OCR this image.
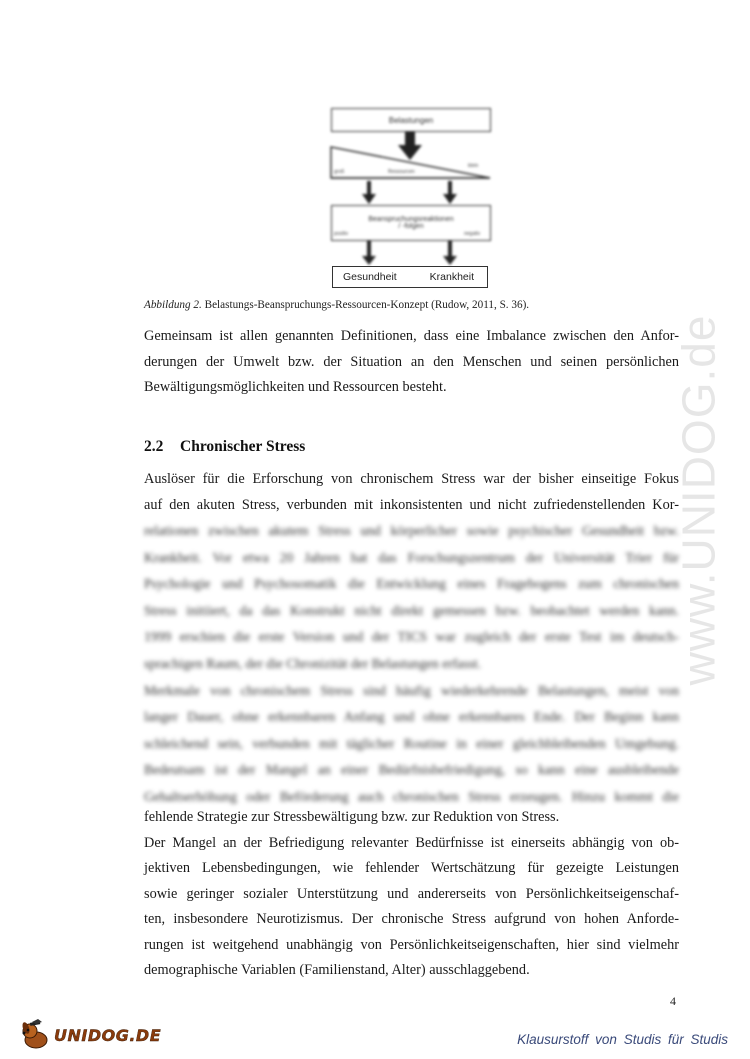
Belastungen
groß	Ressourcen
klein
Beanspruchungsreaktionen
/ -folgen
positiv	negativ
Gesundheit	Krankheit
Abbildung 2. Belastungs-Beanspruchungs-Ressourcen-Konzept (Rudow, 2011, S. 36).
Gemeinsam ist allen genannten Definitionen, dass eine Imbalance zwischen den Anfor-
derungen der Umwelt bzw. der Situation an den Menschen und seinen persönlichen
Bewältigungsmöglichkeiten und Ressourcen besteht.
2.2 Chronischer Stress
Auslöser für die Erforschung von chronischem Stress war der bisher einseitige Fokus
auf den akuten Stress, verbunden mit inkonsistenten und nicht zufriedenstellenden Kor-
relationen zwischen akutem Stress und körperlicher sowie psychischer Gesundheit bzw.
Krankheit. Vor etwa 20 Jahren hat das Forschungszentrum der Universität Trier für
Psychologie und Psychosomatik die Entwicklung eines Fragebogens zum chronischen
Stress initiiert, da das Konstrukt nicht direkt gemessen bzw. beobachtet werden kann.
1999 erschien die erste Version und der TICS war zugleich der erste Test im deutsch-
sprachigen Raum, der die Chronizität der Belastungen erfasst.
Merkmale von chronischem Stress sind häufig wiederkehrende Belastungen, meist von
langer Dauer, ohne erkennbaren Anfang und ohne erkennbares Ende. Der Beginn kann
schleichend sein, verbunden mit täglicher Routine in einer gleichbleibenden Umgebung.
Bedeutsam ist der Mangel an einer Bedürfnisbefriedigung, so kann eine ausbleibende
Gehaltserhöhung oder Beförderung auch chronischen Stress erzeugen. Hinzu kommt die
fehlende Strategie zur Stressbewältigung bzw. zur Reduktion von Stress.
Der Mangel an der Befriedigung relevanter Bedürfnisse ist einerseits abhängig von ob-
jektiven Lebensbedingungen, wie fehlender Wertschätzung für gezeigte Leistungen
sowie geringer sozialer Unterstützung und andererseits von Persönlichkeitseigenschaf-
ten, insbesondere Neurotizismus. Der chronische Stress aufgrund von hohen Anforde-
rungen ist weitgehend unabhängig von Persönlichkeitseigenschaften, hier sind vielmehr
demographische Variablen (Familienstand, Alter) ausschlaggebend.
4
www.UNIDOG.de
UNIDOG.DE	Klausurstoff von Studis für Studis
